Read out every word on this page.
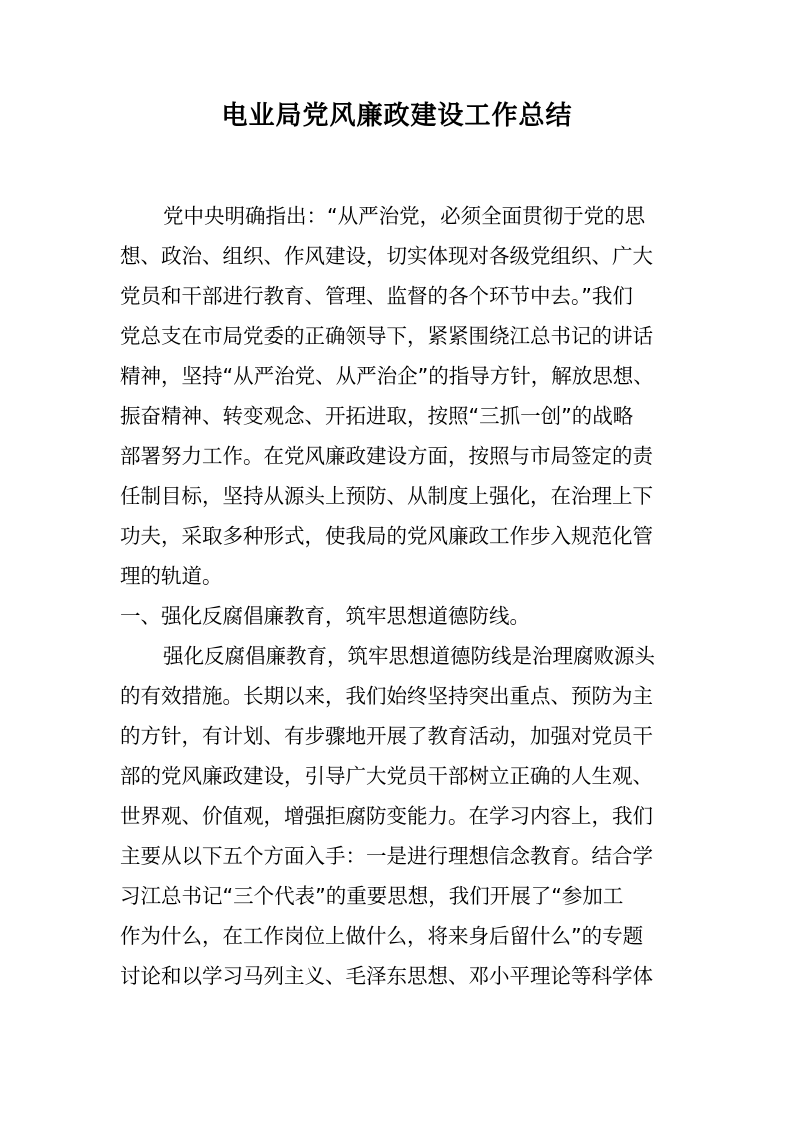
电业局党风廉政建设工作总结
党中央明确指出：“从严治党，必须全面贯彻于党的思
想、政治、组织、作风建设，切实体现对各级党组织、广大
党员和干部进行教育、管理、监督的各个环节中去。”我们
党总支在市局党委的正确领导下，紧紧围绕江总书记的讲话
精神，坚持“从严治党、从严治企”的指导方针，解放思想、
振奋精神、转变观念、开拓进取，按照“三抓一创”的战略
部署努力工作。在党风廉政建设方面，按照与市局签定的责
任制目标，坚持从源头上预防、从制度上强化，在治理上下
功夫，采取多种形式，使我局的党风廉政工作步入规范化管
理的轨道。
一、强化反腐倡廉教育，筑牢思想道德防线。
强化反腐倡廉教育，筑牢思想道德防线是治理腐败源头
的有效措施。长期以来，我们始终坚持突出重点、预防为主
的方针，有计划、有步骤地开展了教育活动，加强对党员干
部的党风廉政建设，引导广大党员干部树立正确的人生观、
世界观、价值观，增强拒腐防变能力。在学习内容上，我们
主要从以下五个方面入手：一是进行理想信念教育。结合学
习江总书记“三个代表”的重要思想，我们开展了“参加工
作为什么，在工作岗位上做什么，将来身后留什么”的专题
讨论和以学习马列主义、毛泽东思想、邓小平理论等科学体
